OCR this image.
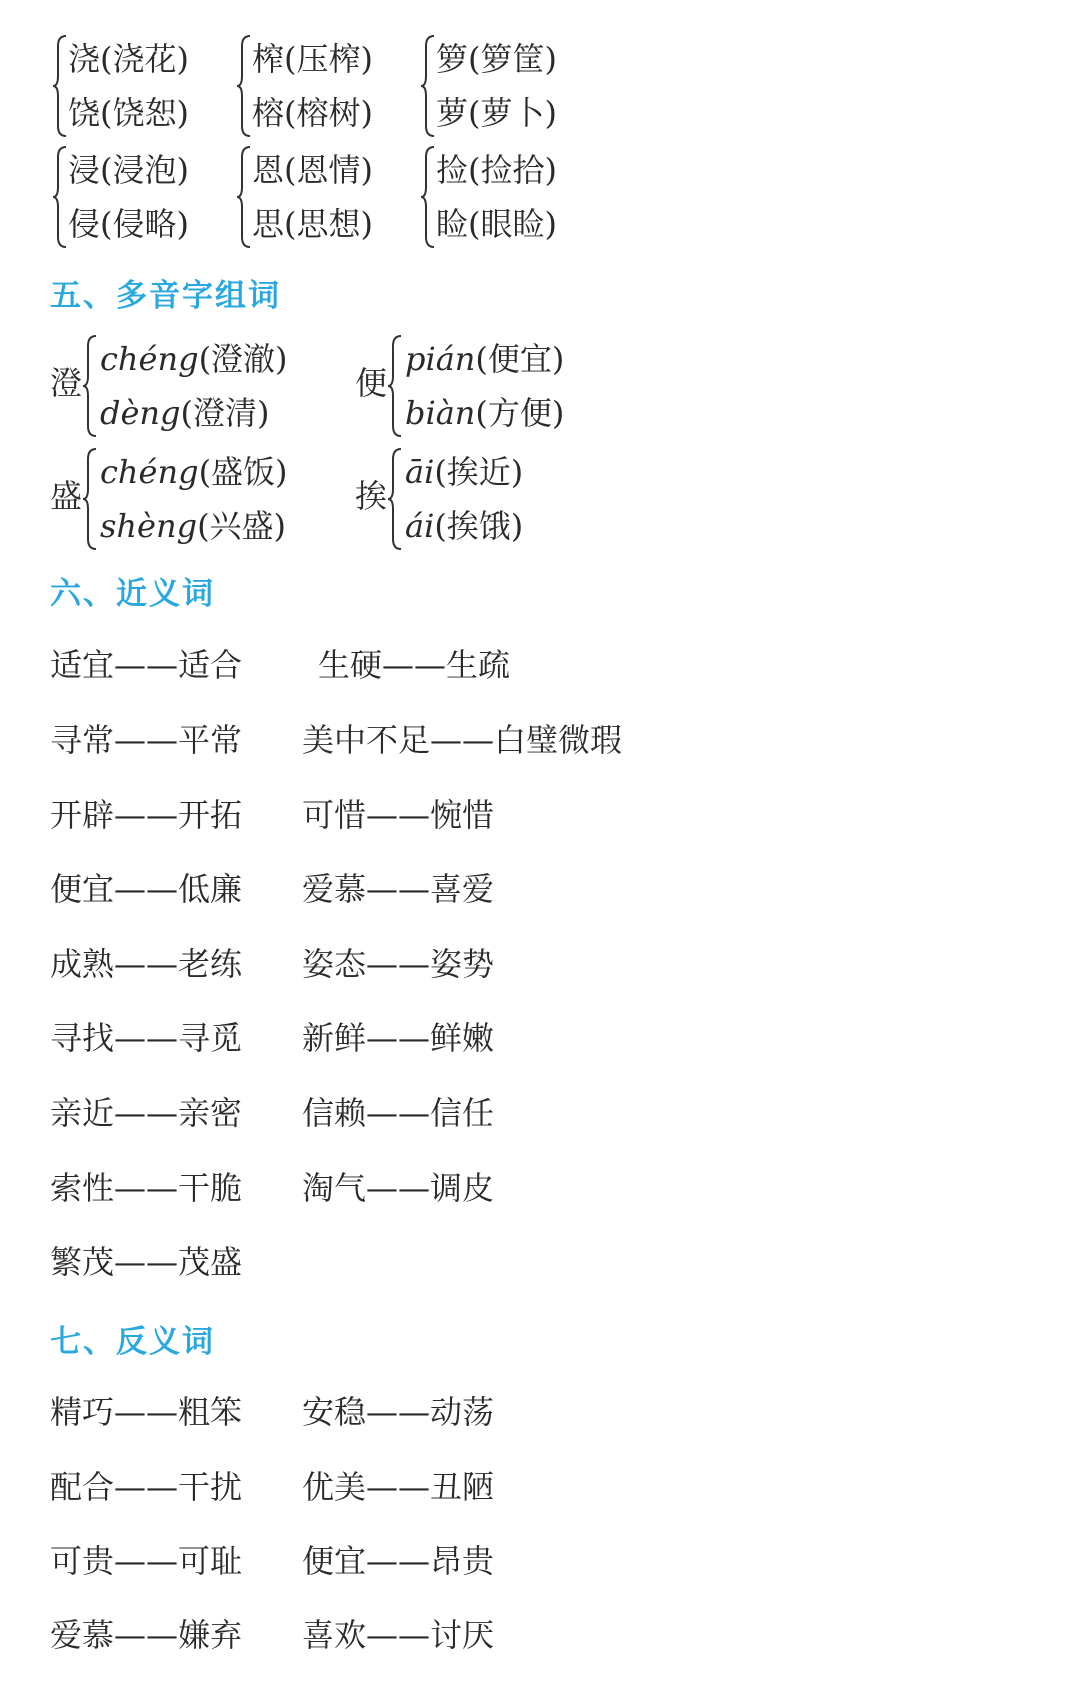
浇(浇花)
饶(饶恕)
榨(压榨)
榕(榕树)
箩(箩筐)
萝(萝卜)
浸(浸泡)
侵(侵略)
恩(恩情)
思(思想)
捡(捡拾)
睑(眼睑)
五、多音字组词
澄
chéng(澄澈)
dèng(澄清)
便
pián(便宜)
biàn(方便)
盛
chéng(盛饭)
shèng(兴盛)
挨
āi(挨近)
ái(挨饿)
六、近义词
适宜——适合 生硬——生疏
寻常——平常 美中不足——白璧微瑕
开辟——开拓 可惜——惋惜
便宜——低廉 爱慕——喜爱
成熟——老练 姿态——姿势
寻找——寻觅 新鲜——鲜嫩
亲近——亲密 信赖——信任
索性——干脆 淘气——调皮
繁茂——茂盛
七、反义词
精巧——粗笨 安稳——动荡
配合——干扰 优美——丑陋
可贵——可耻 便宜——昂贵
爱慕——嫌弃 喜欢——讨厌
